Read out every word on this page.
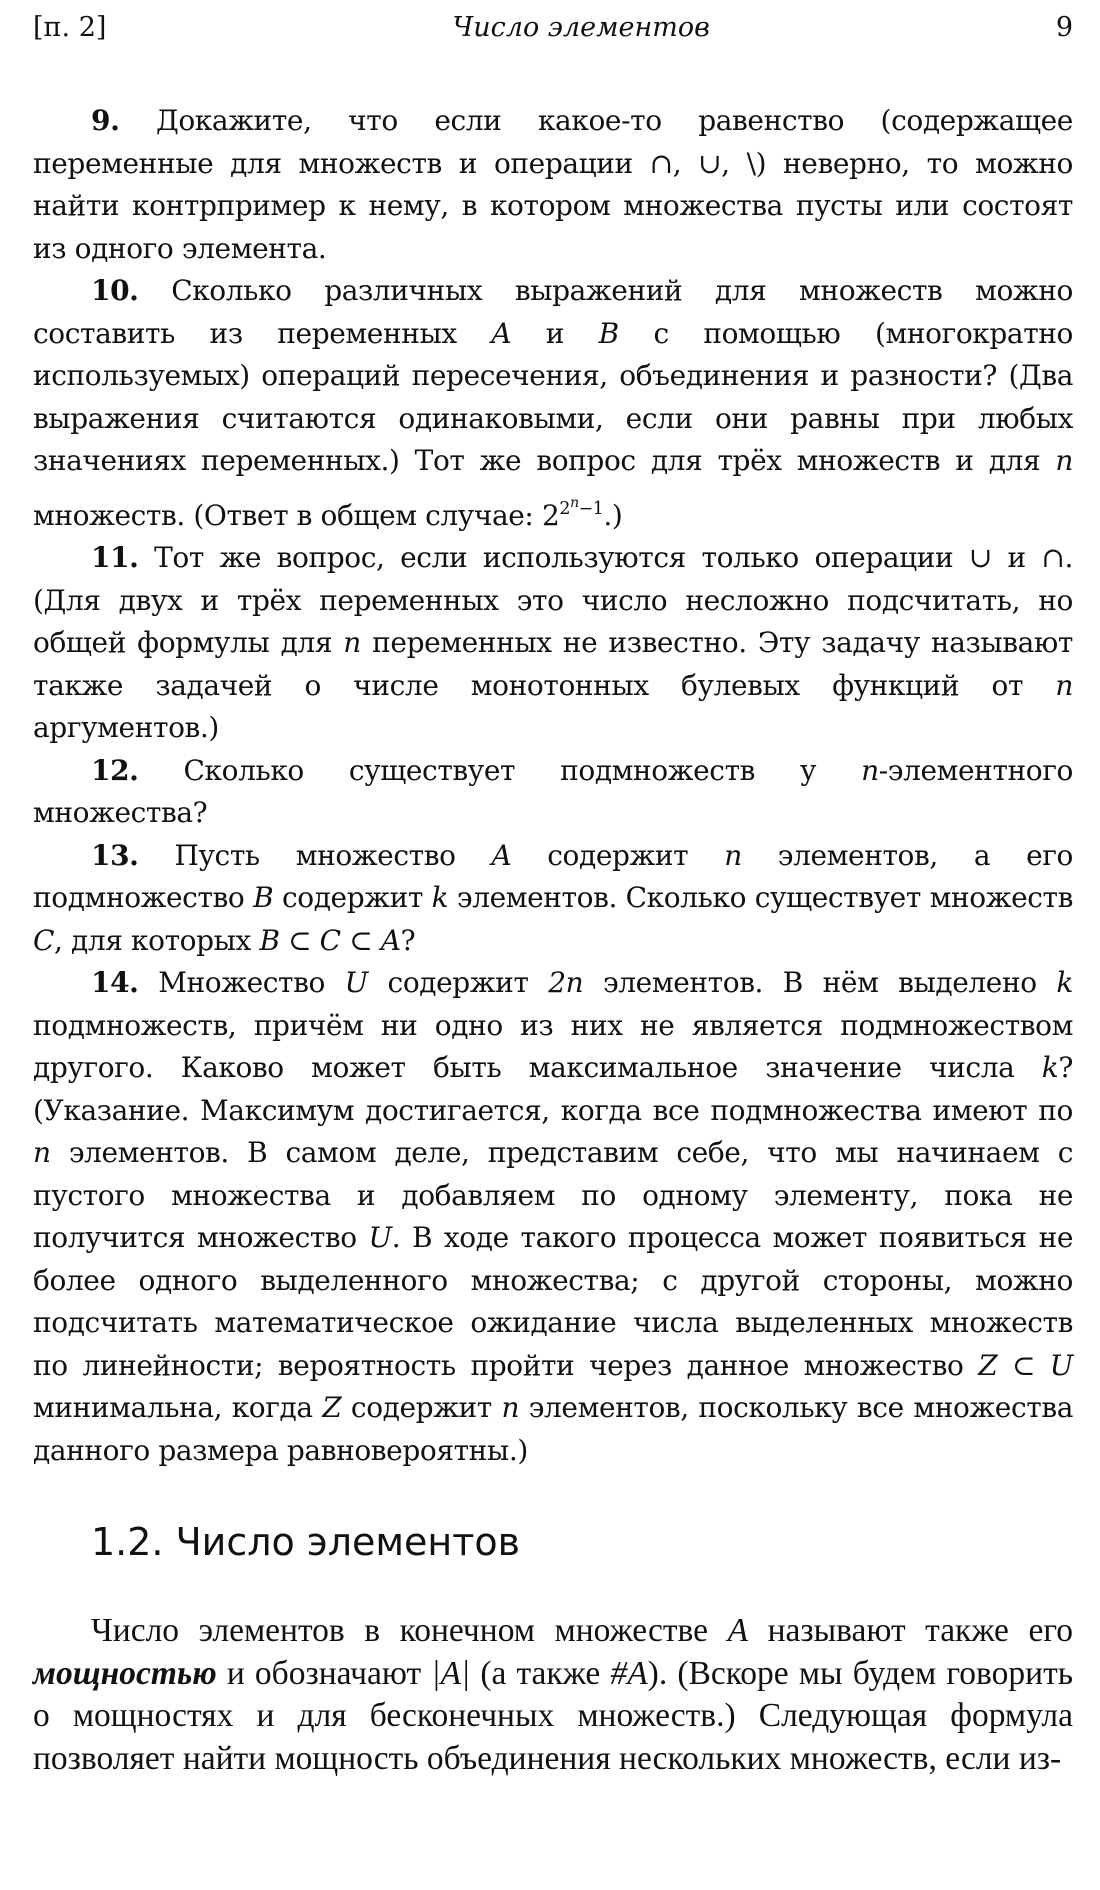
[п. 2]	Число элементов	9

9. Докажите, что если какое-то равенство (содержащее переменные для множеств и операции ∩, ∪, \) неверно, то можно найти контрпример к нему, в котором множества пусты или состоят из одного элемента.

10. Сколько различных выражений для множеств можно составить из переменных A и B с помощью (многократно используемых) операций пересечения, объединения и разности? (Два выражения считаются одинаковыми, если они равны при любых значениях переменных.) Тот же вопрос для трёх множеств и для n множеств. (Ответ в общем случае: $2^{2^n-1}$.)

11. Тот же вопрос, если используются только операции ∪ и ∩. (Для двух и трёх переменных это число несложно подсчитать, но общей формулы для n переменных не известно. Эту задачу называют также задачей о числе монотонных булевых функций от n аргументов.)

12. Сколько существует подмножеств у n-элементного множества?

13. Пусть множество A содержит n элементов, а его подмножество B содержит k элементов. Сколько существует множеств C, для которых B ⊂ C ⊂ A?

14. Множество U содержит 2n элементов. В нём выделено k подмножеств, причём ни одно из них не является подмножеством другого. Каково может быть максимальное значение числа k? (Указание. Максимум достигается, когда все подмножества имеют по n элементов. В самом деле, представим себе, что мы начинаем с пустого множества и добавляем по одному элементу, пока не получится множество U. В ходе такого процесса может появиться не более одного выделенного множества; с другой стороны, можно подсчитать математическое ожидание числа выделенных множеств по линейности; вероятность пройти через данное множество Z ⊂ U минимальна, когда Z содержит n элементов, поскольку все множества данного размера равновероятны.)

1.2. Число элементов

Число элементов в конечном множестве A называют также его мощностью и обозначают |A| (а также #A). (Вскоре мы будем говорить о мощностях и для бесконечных множеств.) Следующая формула позволяет найти мощность объединения нескольких множеств, если из-
